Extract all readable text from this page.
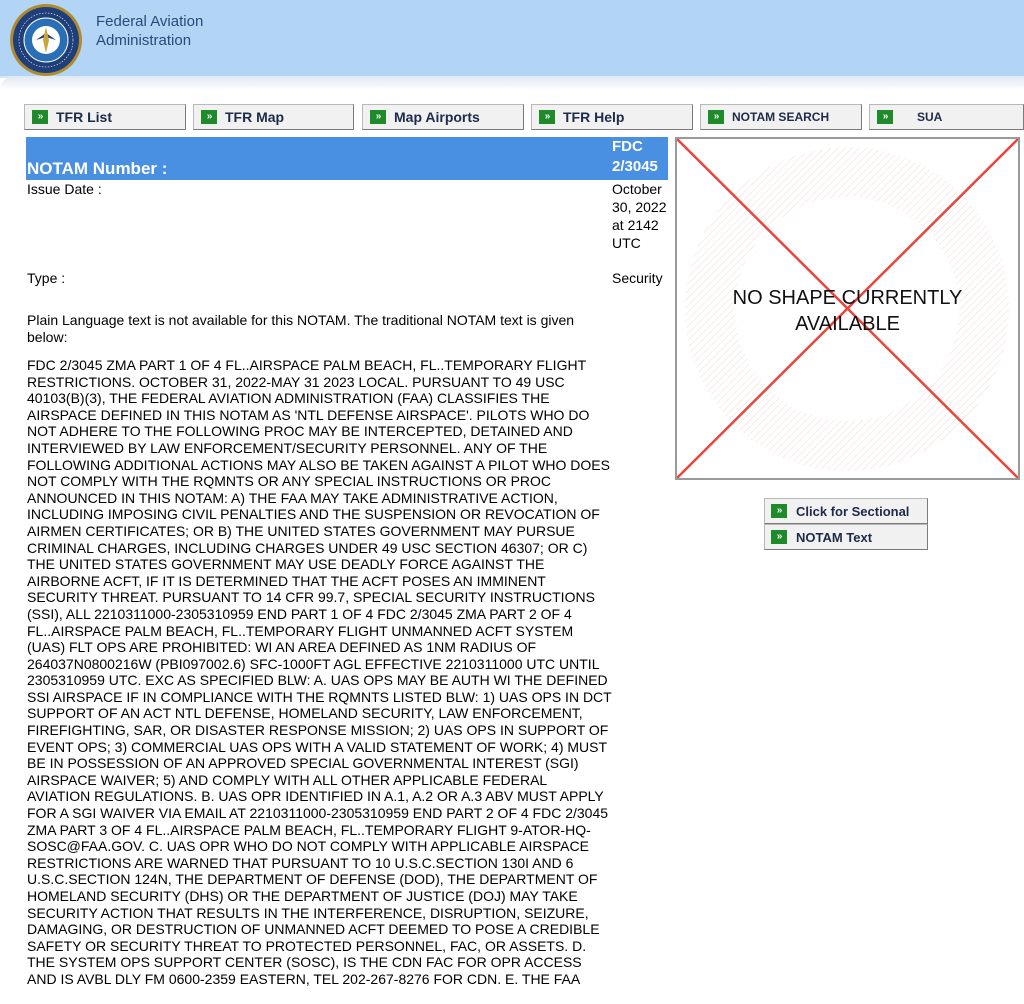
Federal Aviation
Administration
» TFR List	» TFR Map	» Map Airports	» TFR Help	»	NOTAM SEARCH	»	SUA
NOTAM Number :
FDC 2/3045
Issue Date :	October 30, 2022 at 2142 UTC
Type :	Security
Plain Language text is not available for this NOTAM. The traditional NOTAM text is given below:
FDC 2/3045 ZMA PART 1 OF 4 FL..AIRSPACE PALM BEACH, FL..TEMPORARY FLIGHT RESTRICTIONS. OCTOBER 31, 2022-MAY 31 2023 LOCAL. PURSUANT TO 49 USC 40103(B)(3), THE FEDERAL AVIATION ADMINISTRATION (FAA) CLASSIFIES THE AIRSPACE DEFINED IN THIS NOTAM AS 'NTL DEFENSE AIRSPACE'. PILOTS WHO DO NOT ADHERE TO THE FOLLOWING PROC MAY BE INTERCEPTED, DETAINED AND INTERVIEWED BY LAW ENFORCEMENT/SECURITY PERSONNEL. ANY OF THE FOLLOWING ADDITIONAL ACTIONS MAY ALSO BE TAKEN AGAINST A PILOT WHO DOES NOT COMPLY WITH THE RQMNTS OR ANY SPECIAL INSTRUCTIONS OR PROC ANNOUNCED IN THIS NOTAM: A) THE FAA MAY TAKE ADMINISTRATIVE ACTION, INCLUDING IMPOSING CIVIL PENALTIES AND THE SUSPENSION OR REVOCATION OF AIRMEN CERTIFICATES; OR B) THE UNITED STATES GOVERNMENT MAY PURSUE CRIMINAL CHARGES, INCLUDING CHARGES UNDER 49 USC SECTION 46307; OR C) THE UNITED STATES GOVERNMENT MAY USE DEADLY FORCE AGAINST THE AIRBORNE ACFT, IF IT IS DETERMINED THAT THE ACFT POSES AN IMMINENT SECURITY THREAT. PURSUANT TO 14 CFR 99.7, SPECIAL SECURITY INSTRUCTIONS (SSI), ALL 2210311000-2305310959 END PART 1 OF 4 FDC 2/3045 ZMA PART 2 OF 4 FL..AIRSPACE PALM BEACH, FL..TEMPORARY FLIGHT UNMANNED ACFT SYSTEM (UAS) FLT OPS ARE PROHIBITED: WI AN AREA DEFINED AS 1NM RADIUS OF 264037N0800216W (PBI097002.6) SFC-1000FT AGL EFFECTIVE 2210311000 UTC UNTIL 2305310959 UTC. EXC AS SPECIFIED BLW: A. UAS OPS MAY BE AUTH WI THE DEFINED SSI AIRSPACE IF IN COMPLIANCE WITH THE RQMNTS LISTED BLW: 1) UAS OPS IN DCT SUPPORT OF AN ACT NTL DEFENSE, HOMELAND SECURITY, LAW ENFORCEMENT, FIREFIGHTING, SAR, OR DISASTER RESPONSE MISSION; 2) UAS OPS IN SUPPORT OF EVENT OPS; 3) COMMERCIAL UAS OPS WITH A VALID STATEMENT OF WORK; 4) MUST BE IN POSSESSION OF AN APPROVED SPECIAL GOVERNMENTAL INTEREST (SGI) AIRSPACE WAIVER; 5) AND COMPLY WITH ALL OTHER APPLICABLE FEDERAL AVIATION REGULATIONS. B. UAS OPR IDENTIFIED IN A.1, A.2 OR A.3 ABV MUST APPLY FOR A SGI WAIVER VIA EMAIL AT 2210311000-2305310959 END PART 2 OF 4 FDC 2/3045 ZMA PART 3 OF 4 FL..AIRSPACE PALM BEACH, FL..TEMPORARY FLIGHT 9-ATOR-HQ-SOSC@FAA.GOV. C. UAS OPR WHO DO NOT COMPLY WITH APPLICABLE AIRSPACE RESTRICTIONS ARE WARNED THAT PURSUANT TO 10 U.S.C.SECTION 130I AND 6 U.S.C.SECTION 124N, THE DEPARTMENT OF DEFENSE (DOD), THE DEPARTMENT OF HOMELAND SECURITY (DHS) OR THE DEPARTMENT OF JUSTICE (DOJ) MAY TAKE SECURITY ACTION THAT RESULTS IN THE INTERFERENCE, DISRUPTION, SEIZURE, DAMAGING, OR DESTRUCTION OF UNMANNED ACFT DEEMED TO POSE A CREDIBLE SAFETY OR SECURITY THREAT TO PROTECTED PERSONNEL, FAC, OR ASSETS. D. THE SYSTEM OPS SUPPORT CENTER (SOSC), IS THE CDN FAC FOR OPR ACCESS AND IS AVBL DLY FM 0600-2359 EASTERN, TEL 202-267-8276 FOR CDN. E. THE FAA
NO SHAPE CURRENTLY
AVAILABLE
»	Click for Sectional
»	NOTAM Text
